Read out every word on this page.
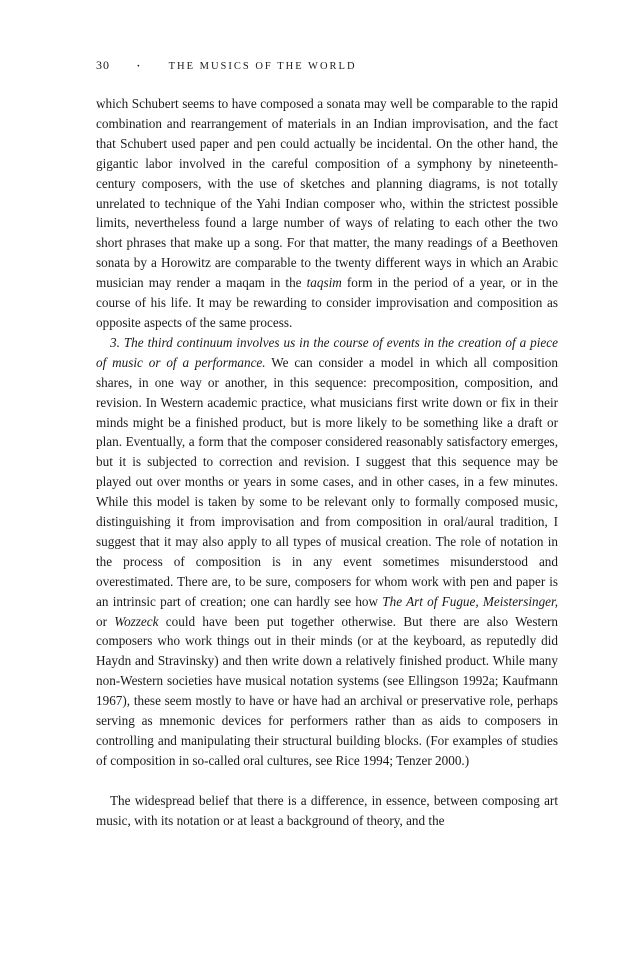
30	·	THE MUSICS OF THE WORLD

which Schubert seems to have composed a sonata may well be comparable to the rapid combination and rearrangement of materials in an Indian improvisation, and the fact that Schubert used paper and pen could actually be incidental. On the other hand, the gigantic labor involved in the careful composition of a symphony by nineteenth-century composers, with the use of sketches and planning diagrams, is not totally unrelated to technique of the Yahi Indian composer who, within the strictest possible limits, nevertheless found a large number of ways of relating to each other the two short phrases that make up a song. For that matter, the many readings of a Beethoven sonata by a Horowitz are comparable to the twenty different ways in which an Arabic musician may render a maqam in the taqsim form in the period of a year, or in the course of his life. It may be rewarding to consider improvisation and composition as opposite aspects of the same process.

3. The third continuum involves us in the course of events in the creation of a piece of music or of a performance. We can consider a model in which all composition shares, in one way or another, in this sequence: precomposition, composition, and revision. In Western academic practice, what musicians first write down or fix in their minds might be a finished product, but is more likely to be something like a draft or plan. Eventually, a form that the composer considered reasonably satisfactory emerges, but it is subjected to correction and revision. I suggest that this sequence may be played out over months or years in some cases, and in other cases, in a few minutes. While this model is taken by some to be relevant only to formally composed music, distinguishing it from improvisation and from composition in oral/aural tradition, I suggest that it may also apply to all types of musical creation. The role of notation in the process of composition is in any event sometimes misunderstood and overestimated. There are, to be sure, composers for whom work with pen and paper is an intrinsic part of creation; one can hardly see how The Art of Fugue, Meistersinger, or Wozzeck could have been put together otherwise. But there are also Western composers who work things out in their minds (or at the keyboard, as reputedly did Haydn and Stravinsky) and then write down a relatively finished product. While many non-Western societies have musical notation systems (see Ellingson 1992a; Kaufmann 1967), these seem mostly to have or have had an archival or preservative role, perhaps serving as mnemonic devices for performers rather than as aids to composers in controlling and manipulating their structural building blocks. (For examples of studies of composition in so-called oral cultures, see Rice 1994; Tenzer 2000.)

The widespread belief that there is a difference, in essence, between composing art music, with its notation or at least a background of theory, and the
